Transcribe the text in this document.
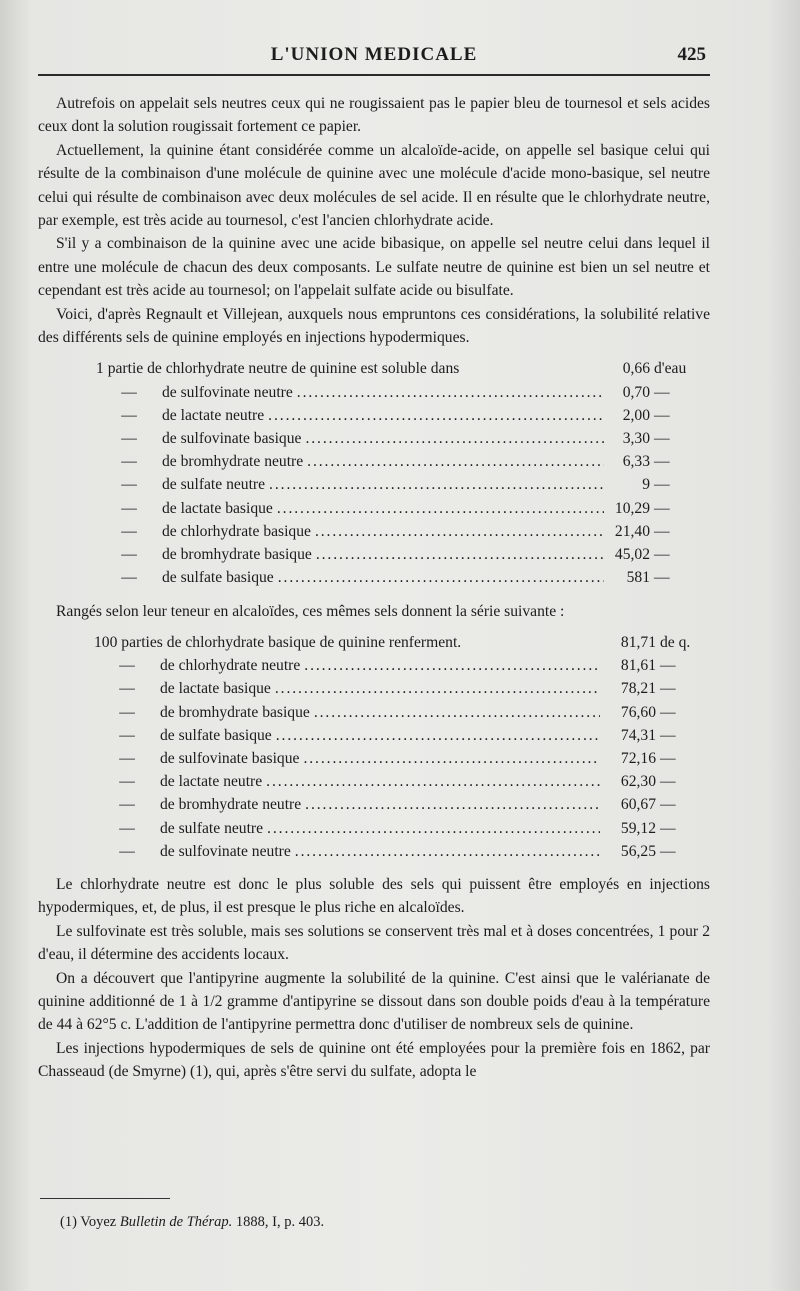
L'UNION MEDICALE	425

Autrefois on appelait sels neutres ceux qui ne rougissaient pas le papier bleu de tournesol et sels acides ceux dont la solution rougissait fortement ce papier.

Actuellement, la quinine étant considérée comme un alcaloïde-acide, on appelle sel basique celui qui résulte de la combinaison d'une molécule de quinine avec une molécule d'acide mono-basique, sel neutre celui qui résulte de combinaison avec deux molécules de sel acide. Il en résulte que le chlorhydrate neutre, par exemple, est très acide au tournesol, c'est l'ancien chlorhydrate acide.

S'il y a combinaison de la quinine avec une acide bibasique, on appelle sel neutre celui dans lequel il entre une molécule de chacun des deux composants. Le sulfate neutre de quinine est bien un sel neutre et cependant est très acide au tournesol; on l'appelait sulfate acide ou bisulfate.

Voici, d'après Regnault et Villejean, auxquels nous empruntons ces considérations, la solubilité relative des différents sels de quinine employés en injections hypodermiques.

1 partie de chlorhydrate neutre de quinine est soluble dans	0,66 d'eau
—	de sulfovinate neutre . . .	0,70 —
—	de lactate neutre . . .	2,00 —
—	de sulfovinate basique . . .	3,30 —
—	de bromhydrate neutre . . .	6,33 —
—	de sulfate neutre . . .	9 —
—	de lactate basique . . .	10,29 —
—	de chlorhydrate basique . . .	21,40 —
—	de bromhydrate basique . . .	45,02 —
—	de sulfate basique . . .	581 —

Rangés selon leur teneur en alcaloïdes, ces mêmes sels donnent la série suivante :

100 parties de chlorhydrate basique de quinine renferment.	81,71 de q.
—	de chlorhydrate neutre . . .	81,61 —
—	de lactate basique . . .	78,21 —
—	de bromhydrate basique . . .	76,60 —
—	de sulfate basique . . .	74,31 —
—	de sulfovinate basique . . .	72,16 —
—	de lactate neutre . . .	62,30 —
—	de bromhydrate neutre . . .	60,67 —
—	de sulfate neutre . . .	59,12 —
—	de sulfovinate neutre . . .	56,25 —

Le chlorhydrate neutre est donc le plus soluble des sels qui puissent être employés en injections hypodermiques, et, de plus, il est presque le plus riche en alcaloïdes.

Le sulfovinate est très soluble, mais ses solutions se conservent très mal et à doses concentrées, 1 pour 2 d'eau, il détermine des accidents locaux.

On a découvert que l'antipyrine augmente la solubilité de la quinine. C'est ainsi que le valérianate de quinine additionné de 1 à 1/2 gramme d'antipyrine se dissout dans son double poids d'eau à la température de 44 à 62°5 c. L'addition de l'antipyrine permettra donc d'utiliser de nombreux sels de quinine.

Les injections hypodermiques de sels de quinine ont été employées pour la première fois en 1862, par Chasseaud (de Smyrne) (1), qui, après s'être servi du sulfate, adopta le

(1) Voyez Bulletin de Thérap. 1888, I, p. 403.
